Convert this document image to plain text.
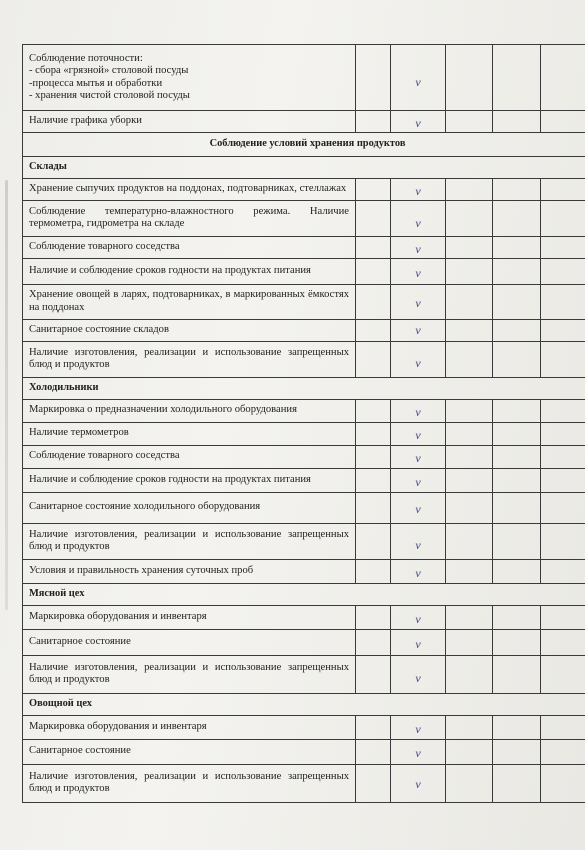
Соблюдение поточности:
- сбора «грязной» столовой посуды
-процесса мытья и обработки
- хранения чистой столовой посуды		v			
Наличие графика уборки		v			
Соблюдение условий хранения продуктов					
Склады					
Хранение сыпучих продуктов на поддонах, подтоварниках, стеллажах		v			
Соблюдение температурно-влажностного режима. Наличие термометра, гидрометра на складе		v			
Соблюдение товарного соседства		v			
Наличие и соблюдение сроков годности на продуктах питания		v			
Хранение овощей в ларях, подтоварниках, в маркированных ёмкостях на поддонах		v			
Санитарное состояние складов		v			
Наличие изготовления, реализации и использование запрещенных блюд и продуктов		v			
Холодильники					
Маркировка о предназначении холодильного оборудования		v			
Наличие термометров		v			
Соблюдение товарного соседства		v			
Наличие и соблюдение сроков годности на продуктах питания		v			
Санитарное состояние холодильного оборудования		v			
Наличие изготовления, реализации и использование запрещенных блюд и продуктов		v			
Условия и правильность хранения суточных проб		v			
Мясной цех					
Маркировка оборудования и инвентаря		v			
Санитарное состояние		v			
Наличие изготовления, реализации и использование запрещенных блюд и продуктов		v			
Овощной цех					
Маркировка оборудования и инвентаря		v			
Санитарное состояние		v			
Наличие изготовления, реализации и использование запрещенных блюд и продуктов		v			
